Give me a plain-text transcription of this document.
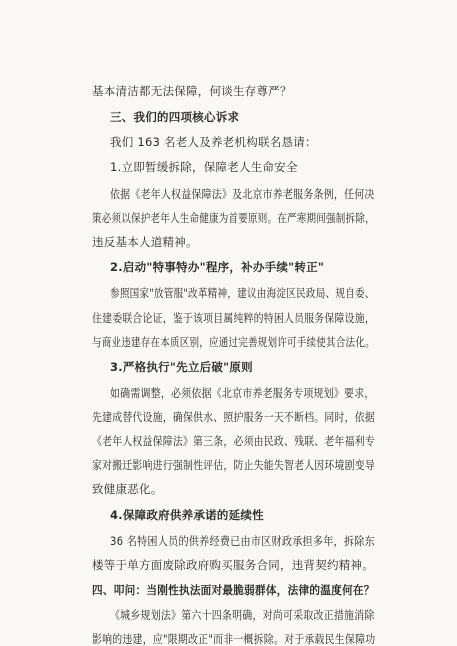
基本清洁都无法保障，何谈生存尊严？
三、我们的四项核心诉求
我们 163 名老人及养老机构联名恳请：
1.立即暂缓拆除，保障老人生命安全
依据《老年人权益保障法》及北京市养老服务条例，任何决
策必须以保护老年人生命健康为首要原则。在严寒期间强制拆除，
违反基本人道精神。
2.启动"特事特办"程序，补办手续"转正"
参照国家"放管服"改革精神，建议由海淀区民政局、规自委、
住建委联合论证，鉴于该项目属纯粹的特困人员服务保障设施，
与商业违建存在本质区别，应通过完善规划许可手续使其合法化。
3.严格执行"先立后破"原则
如确需调整，必须依据《北京市养老服务专项规划》要求，
先建成替代设施，确保供水、照护服务一天不断档。同时，依据
《老年人权益保障法》第三条，必须由民政、残联、老年福利专
家对搬迁影响进行强制性评估，防止失能失智老人因环境剧变导
致健康恶化。
4.保障政府供养承诺的延续性
36 名特困人员的供养经费已由市区财政承担多年，拆除东
楼等于单方面废除政府购买服务合同，违背契约精神。
四、叩问：当刚性执法面对最脆弱群体，法律的温度何在？
《城乡规划法》第六十四条明确，对尚可采取改正措施消除
影响的违建，应"限期改正"而非一概拆除。对于承载民生保障功
